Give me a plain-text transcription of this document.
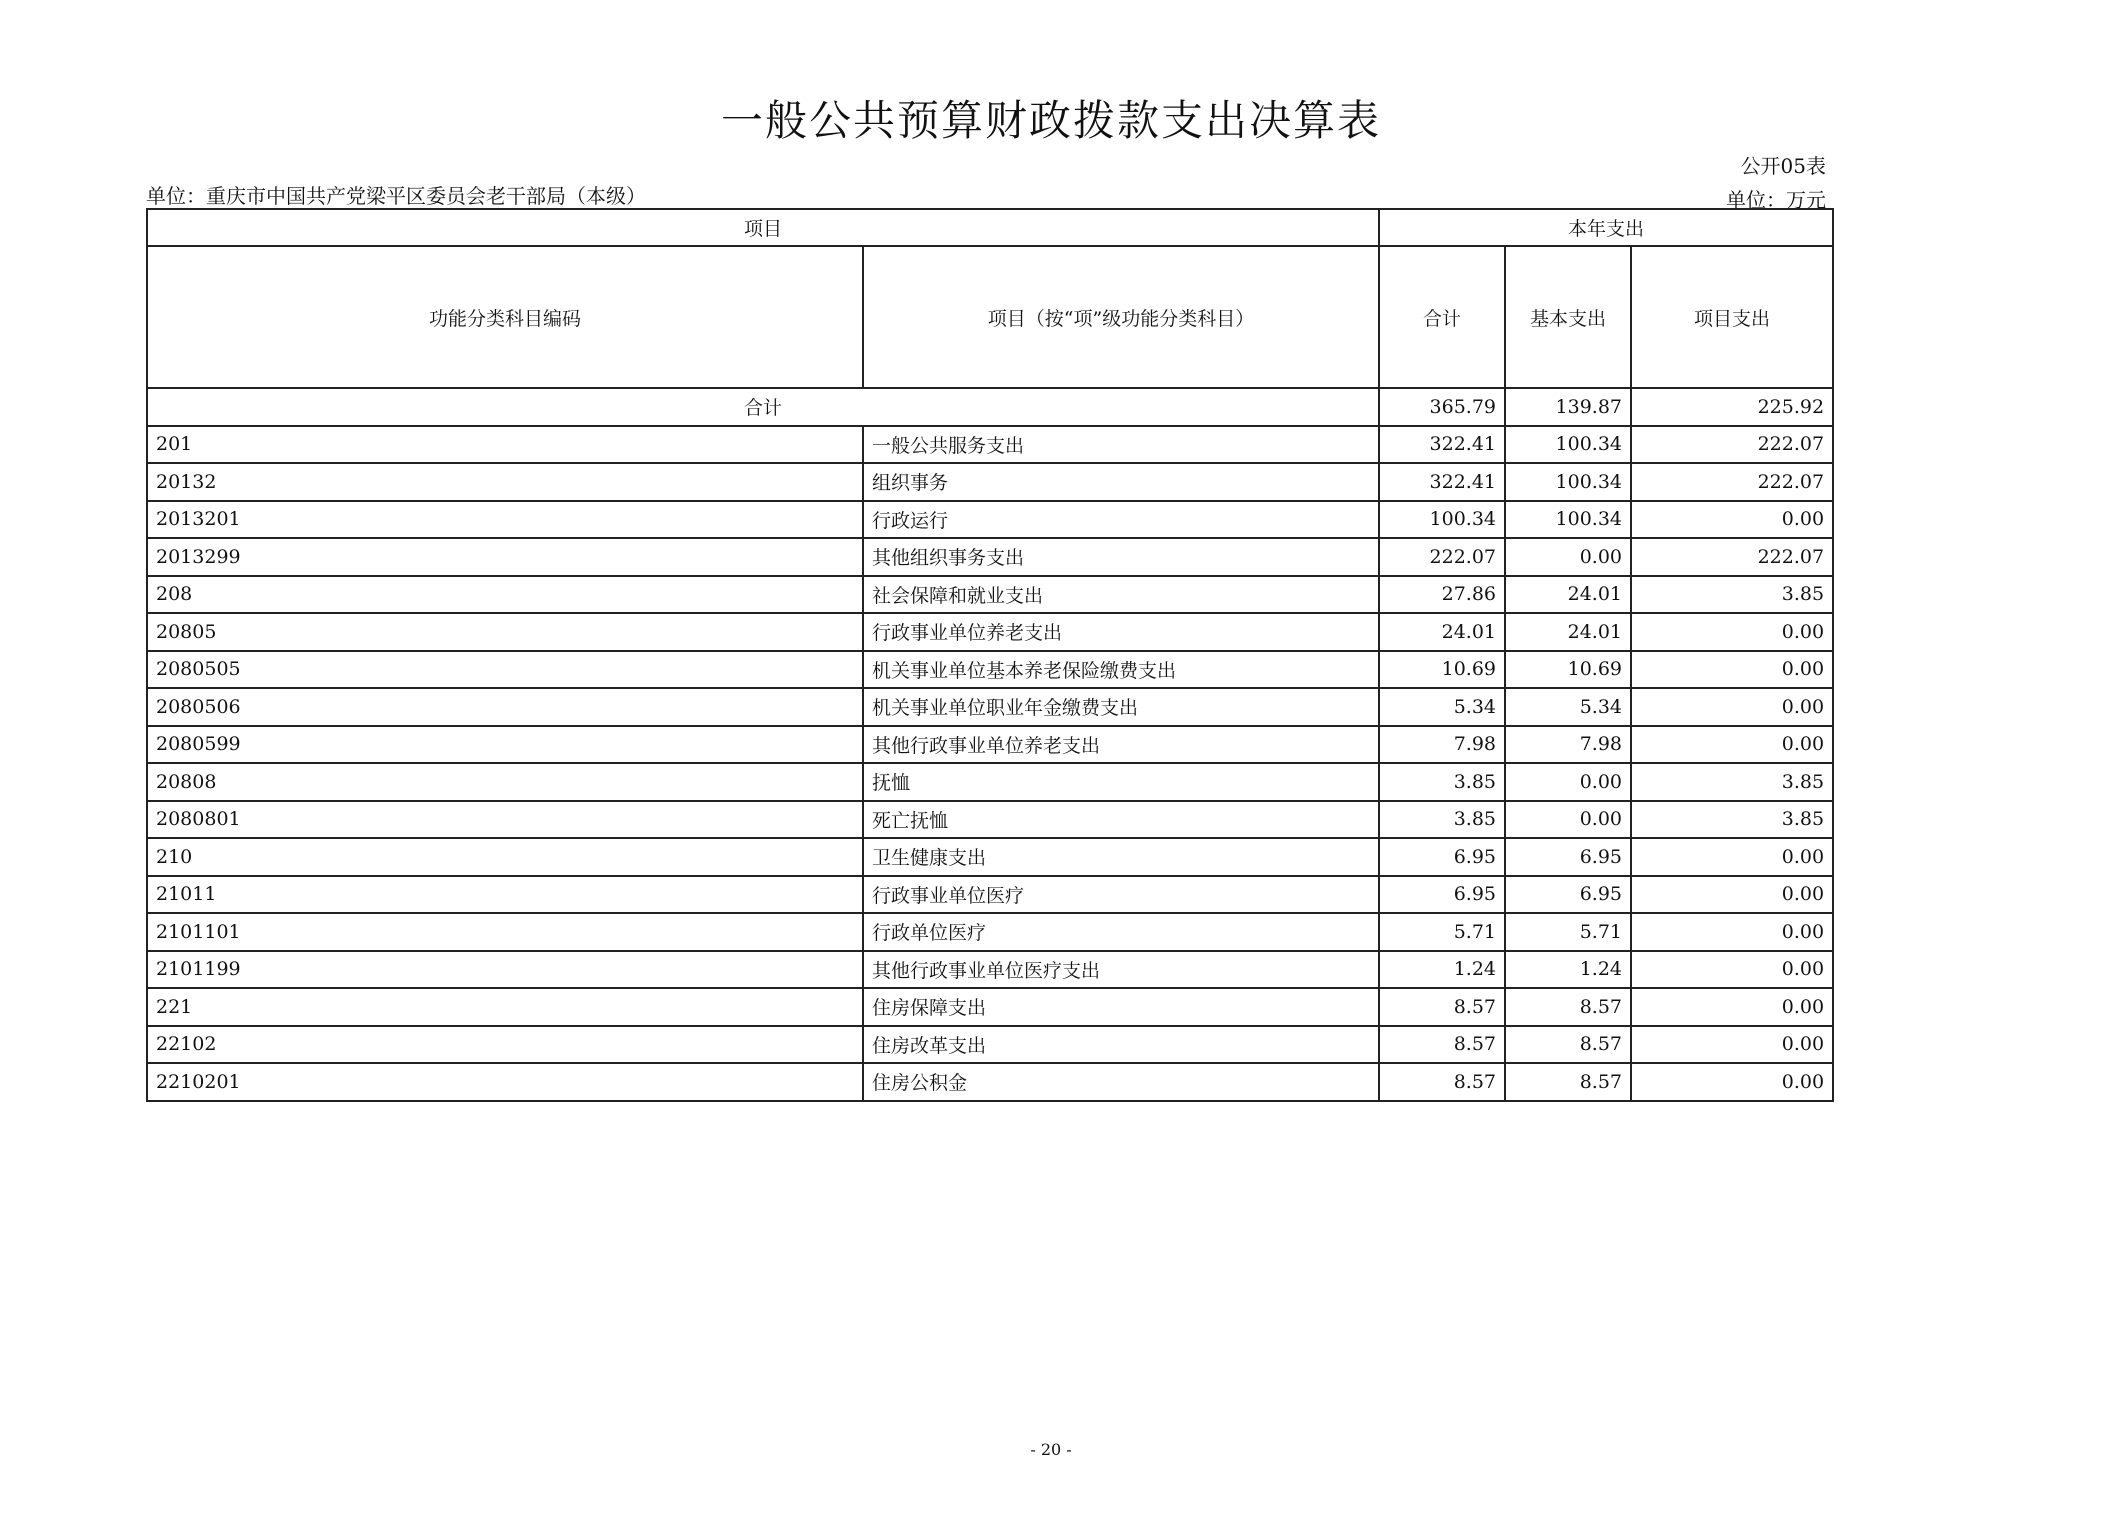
一般公共预算财政拨款支出决算表
公开05表
单位：重庆市中国共产党梁平区委员会老干部局（本级）	单位：万元
项目		本年支出		
功能分类科目编码	项目（按“项”级功能分类科目）	合计	基本支出	项目支出
合计		365.79	139.87	225.92
201	一般公共服务支出	322.41	100.34	222.07
20132	组织事务	322.41	100.34	222.07
2013201	行政运行	100.34	100.34	0.00
2013299	其他组织事务支出	222.07	0.00	222.07
208	社会保障和就业支出	27.86	24.01	3.85
20805	行政事业单位养老支出	24.01	24.01	0.00
2080505	机关事业单位基本养老保险缴费支出	10.69	10.69	0.00
2080506	机关事业单位职业年金缴费支出	5.34	5.34	0.00
2080599	其他行政事业单位养老支出	7.98	7.98	0.00
20808	抚恤	3.85	0.00	3.85
2080801	死亡抚恤	3.85	0.00	3.85
210	卫生健康支出	6.95	6.95	0.00
21011	行政事业单位医疗	6.95	6.95	0.00
2101101	行政单位医疗	5.71	5.71	0.00
2101199	其他行政事业单位医疗支出	1.24	1.24	0.00
221	住房保障支出	8.57	8.57	0.00
22102	住房改革支出	8.57	8.57	0.00
2210201	住房公积金	8.57	8.57	0.00
- 20 -
